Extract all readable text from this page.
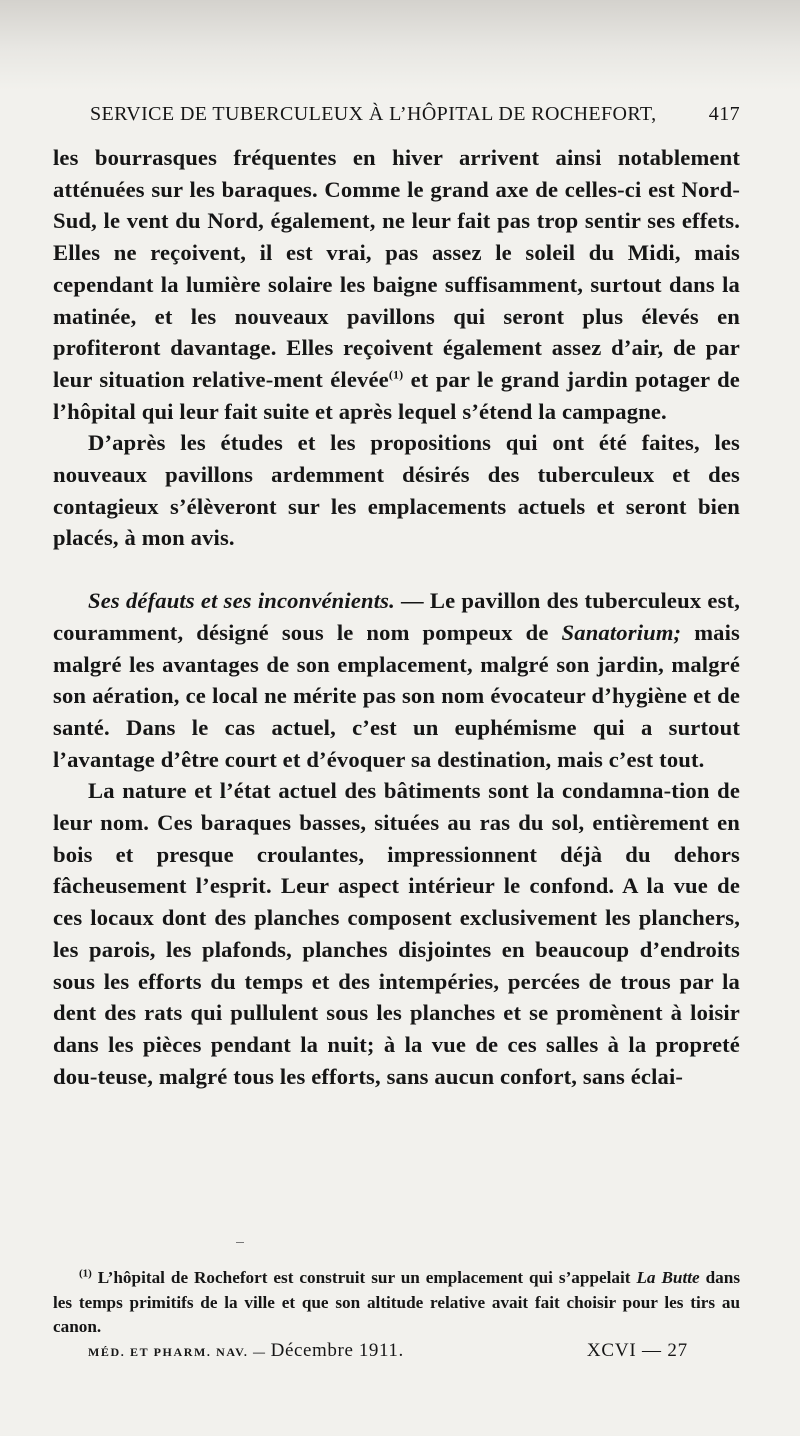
SERVICE DE TUBERCULEUX À L’HÔPITAL DE ROCHEFORT,	417

les bourrasques fréquentes en hiver arrivent ainsi notablement atténuées sur les baraques. Comme le grand axe de celles-ci est Nord-Sud, le vent du Nord, également, ne leur fait pas trop sentir ses effets. Elles ne reçoivent, il est vrai, pas assez le soleil du Midi, mais cependant la lumière solaire les baigne suffisamment, surtout dans la matinée, et les nouveaux pavillons qui seront plus élevés en profiteront davantage. Elles reçoivent également assez d’air, de par leur situation relative-ment élevée$^{(1)}$ et par le grand jardin potager de l’hôpital qui leur fait suite et après lequel s’étend la campagne.

D’après les études et les propositions qui ont été faites, les nouveaux pavillons ardemment désirés des tuberculeux et des contagieux s’élèveront sur les emplacements actuels et seront bien placés, à mon avis.

Ses défauts et ses inconvénients. — Le pavillon des tuberculeux est, couramment, désigné sous le nom pompeux de Sanatorium; mais malgré les avantages de son emplacement, malgré son jardin, malgré son aération, ce local ne mérite pas son nom évocateur d’hygiène et de santé. Dans le cas actuel, c’est un euphémisme qui a surtout l’avantage d’être court et d’évoquer sa destination, mais c’est tout.

La nature et l’état actuel des bâtiments sont la condamna-tion de leur nom. Ces baraques basses, situées au ras du sol, entièrement en bois et presque croulantes, impressionnent déjà du dehors fâcheusement l’esprit. Leur aspect intérieur le confond. A la vue de ces locaux dont des planches composent exclusivement les planchers, les parois, les plafonds, planches disjointes en beaucoup d’endroits sous les efforts du temps et des intempéries, percées de trous par la dent des rats qui pullulent sous les planches et se promènent à loisir dans les pièces pendant la nuit; à la vue de ces salles à la propreté dou-teuse, malgré tous les efforts, sans aucun confort, sans éclai-

$^{(1)}$ L’hôpital de Rochefort est construit sur un emplacement qui s’appelait La Butte dans les temps primitifs de la ville et que son altitude relative avait fait choisir pour les tirs au canon.
MÉD. ET PHARM. NAV. — Décembre 1911.	XCVI — 27
